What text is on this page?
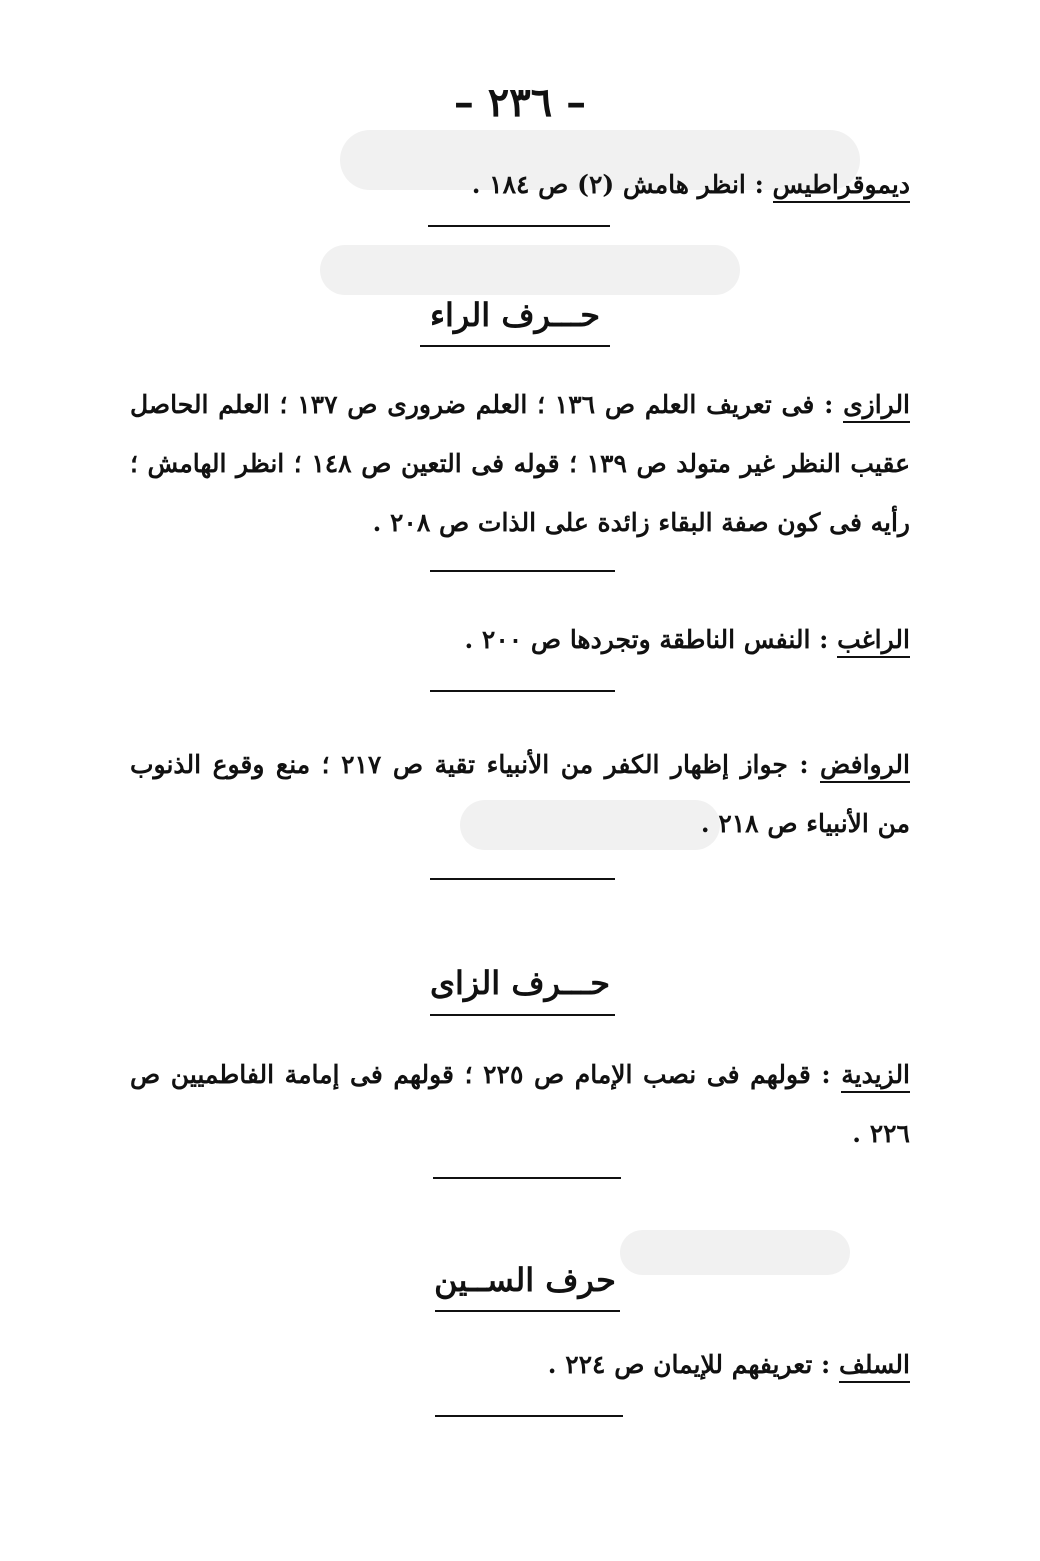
– ٢٣٦ –
ديموقراطيس : انظر هامش (٢) ص ١٨٤ .
حـــرف الراء
الرازى : فى تعريف العلم ص ١٣٦ ؛ العلم ضرورى ص ١٣٧ ؛ العلم الحاصل عقيب النظر غير متولد ص ١٣٩ ؛ قوله فى التعين ص ١٤٨ ؛ انظر الهامش ؛ رأيه فى كون صفة البقاء زائدة على الذات ص ٢٠٨ .
الراغب : النفس الناطقة وتجردها ص ٢٠٠ .
الروافض : جواز إظهار الكفر من الأنبياء تقية ص ٢١٧ ؛ منع وقوع الذنوب من الأنبياء ص ٢١٨ .
حـــرف الزاى
الزيدية : قولهم فى نصب الإمام ص ٢٢٥ ؛ قولهم فى إمامة الفاطميين ص ٢٢٦ .
حرف الســين
السلف : تعريفهم للإيمان ص ٢٢٤ .
